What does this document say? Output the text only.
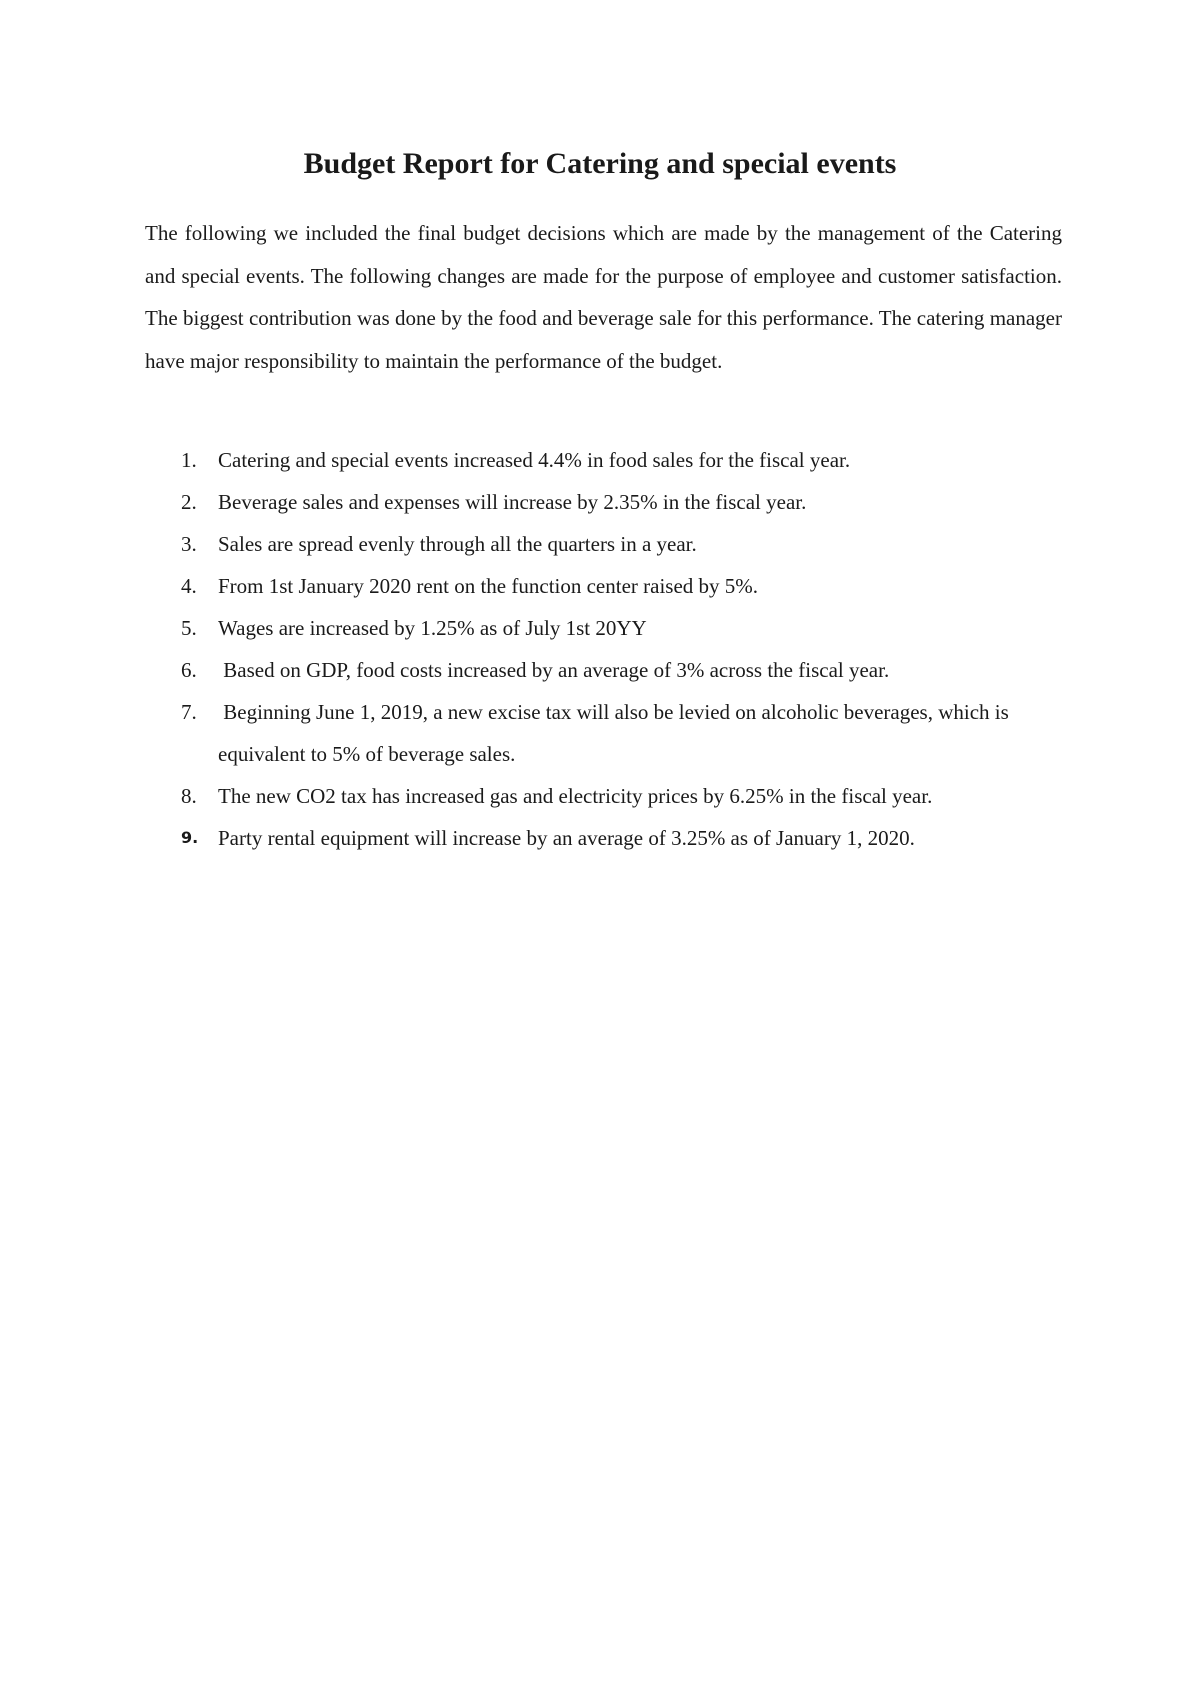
Budget Report for Catering and special events

The following we included the final budget decisions which are made by the management of the Catering and special events. The following changes are made for the purpose of employee and customer satisfaction. The biggest contribution was done by the food and beverage sale for this performance. The catering manager have major responsibility to maintain the performance of the budget.

1. Catering and special events increased 4.4% in food sales for the fiscal year.
2. Beverage sales and expenses will increase by 2.35% in the fiscal year.
3. Sales are spread evenly through all the quarters in a year.
4. From 1st January 2020 rent on the function center raised by 5%.
5. Wages are increased by 1.25% as of July 1st 20YY
6. Based on GDP, food costs increased by an average of 3% across the fiscal year.
7. Beginning June 1, 2019, a new excise tax will also be levied on alcoholic beverages, which is equivalent to 5% of beverage sales.
8. The new CO2 tax has increased gas and electricity prices by 6.25% in the fiscal year.
9. Party rental equipment will increase by an average of 3.25% as of January 1, 2020.
